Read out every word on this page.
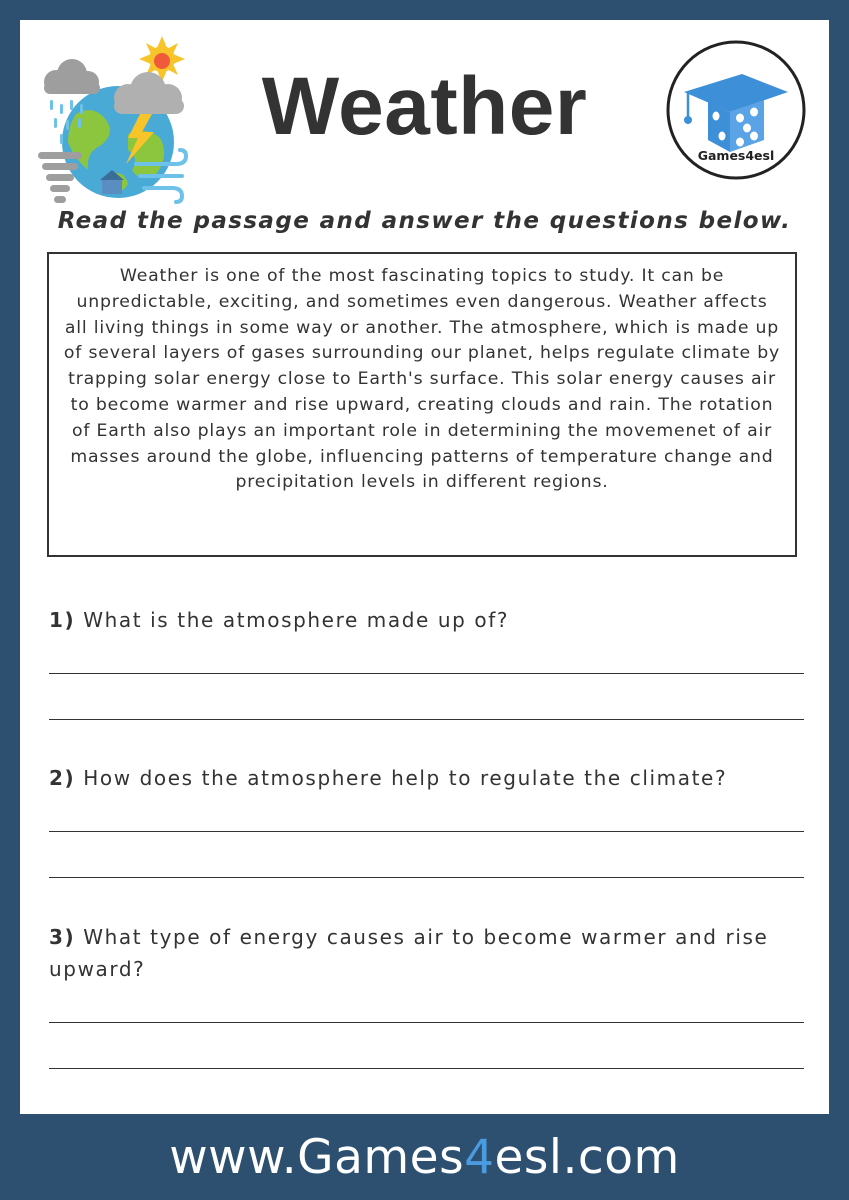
Weather
Games4esl
Read the passage and answer the questions below.

Weather is one of the most fascinating topics to study. It can be unpredictable, exciting, and sometimes even dangerous. Weather affects all living things in some way or another. The atmosphere, which is made up of several layers of gases surrounding our planet, helps regulate climate by trapping solar energy close to Earth's surface. This solar energy causes air to become warmer and rise upward, creating clouds and rain. The rotation of Earth also plays an important role in determining the movemenet of air masses around the globe, influencing patterns of temperature change and precipitation levels in different regions.

1) What is the atmosphere made up of?

2) How does the atmosphere help to regulate the climate?

3) What type of energy causes air to become warmer and rise upward?

www.Games4esl.com
